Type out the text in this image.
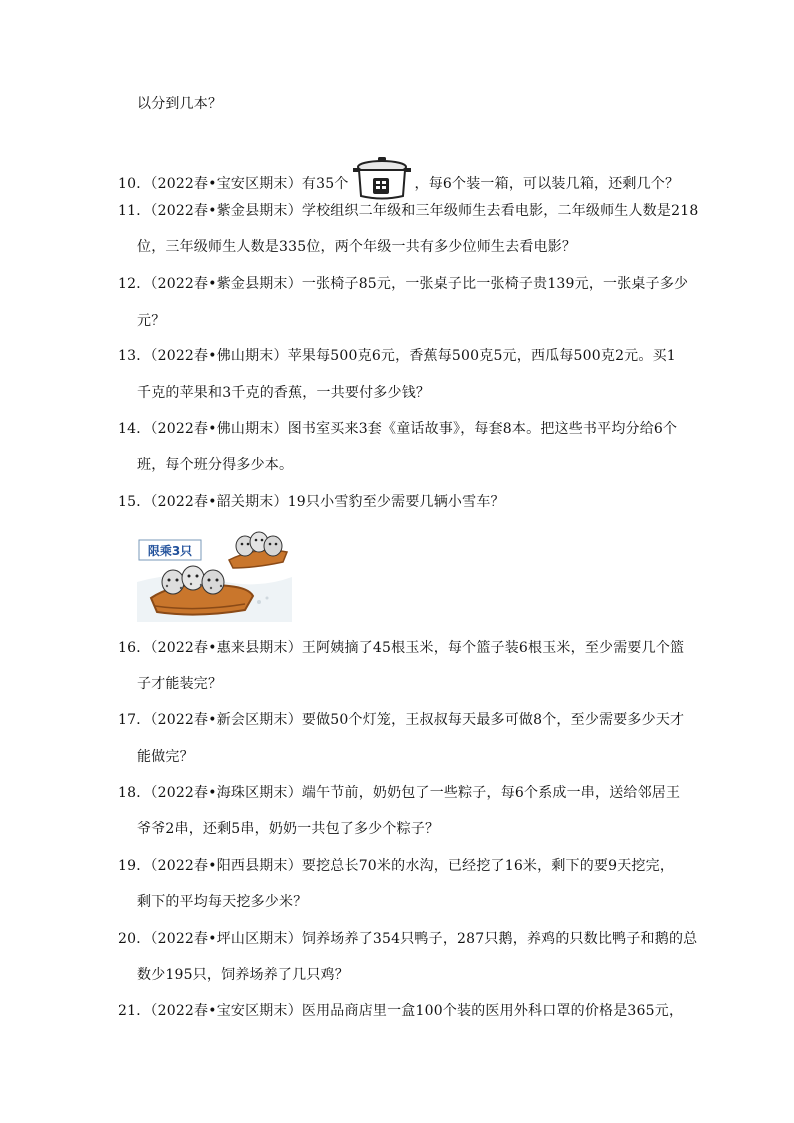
以分到几本？
10．（2022春•宝安区期末）有35个	，每6个装一箱，可以装几箱，还剩几个？
11．（2022春•紫金县期末）学校组织二年级和三年级师生去看电影，二年级师生人数是218
位，三年级师生人数是335位，两个年级一共有多少位师生去看电影？
12．（2022春•紫金县期末）一张椅子85元，一张桌子比一张椅子贵139元，一张桌子多少
元？
13．（2022春•佛山期末）苹果每500克6元，香蕉每500克5元，西瓜每500克2元。买1
千克的苹果和3千克的香蕉，一共要付多少钱？
14．（2022春•佛山期末）图书室买来3套《童话故事》，每套8本。把这些书平均分给6个
班，每个班分得多少本。
15．（2022春•韶关期末）19只小雪豹至少需要几辆小雪车？
限乘3只
16．（2022春•惠来县期末）王阿姨摘了45根玉米，每个篮子装6根玉米，至少需要几个篮
子才能装完？
17．（2022春•新会区期末）要做50个灯笼，王叔叔每天最多可做8个，至少需要多少天才
能做完？
18．（2022春•海珠区期末）端午节前，奶奶包了一些粽子，每6个系成一串，送给邻居王
爷爷2串，还剩5串，奶奶一共包了多少个粽子？
19．（2022春•阳西县期末）要挖总长70米的水沟，已经挖了16米，剩下的要9天挖完，
剩下的平均每天挖多少米？
20．（2022春•坪山区期末）饲养场养了354只鸭子，287只鹅，养鸡的只数比鸭子和鹅的总
数少195只，饲养场养了几只鸡？
21．（2022春•宝安区期末）医用品商店里一盒100个装的医用外科口罩的价格是365元，
